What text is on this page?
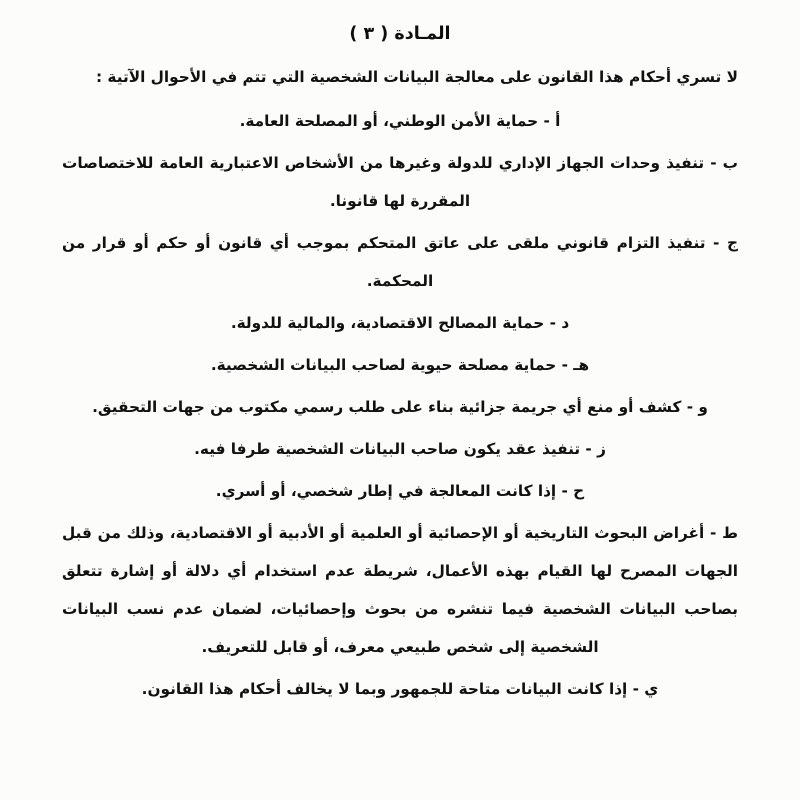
المـادة ( ٣ )

لا تسري أحكام هذا القانون على معالجة البيانات الشخصية التي تتم في الأحوال الآتية :

أ - حماية الأمن الوطني، أو المصلحة العامة.

ب - تنفيذ وحدات الجهاز الإداري للدولة وغيرها من الأشخاص الاعتبارية العامة للاختصاصات المقررة لها قانونا.

ج - تنفيذ التزام قانوني ملقى على عاتق المتحكم بموجب أي قانون أو حكم أو قرار من المحكمة.

د - حماية المصالح الاقتصادية، والمالية للدولة.

هـ - حماية مصلحة حيوية لصاحب البيانات الشخصية.

و - كشف أو منع أي جريمة جزائية بناء على طلب رسمي مكتوب من جهات التحقيق.

ز - تنفيذ عقد يكون صاحب البيانات الشخصية طرفا فيه.

ح - إذا كانت المعالجة في إطار شخصي، أو أسري.

ط - أغراض البحوث التاريخية أو الإحصائية أو العلمية أو الأدبية أو الاقتصادية، وذلك من قبل الجهات المصرح لها القيام بهذه الأعمال، شريطة عدم استخدام أي دلالة أو إشارة تتعلق بصاحب البيانات الشخصية فيما تنشره من بحوث وإحصائيات، لضمان عدم نسب البيانات الشخصية إلى شخص طبيعي معرف، أو قابل للتعريف.

ي - إذا كانت البيانات متاحة للجمهور وبما لا يخالف أحكام هذا القانون.
